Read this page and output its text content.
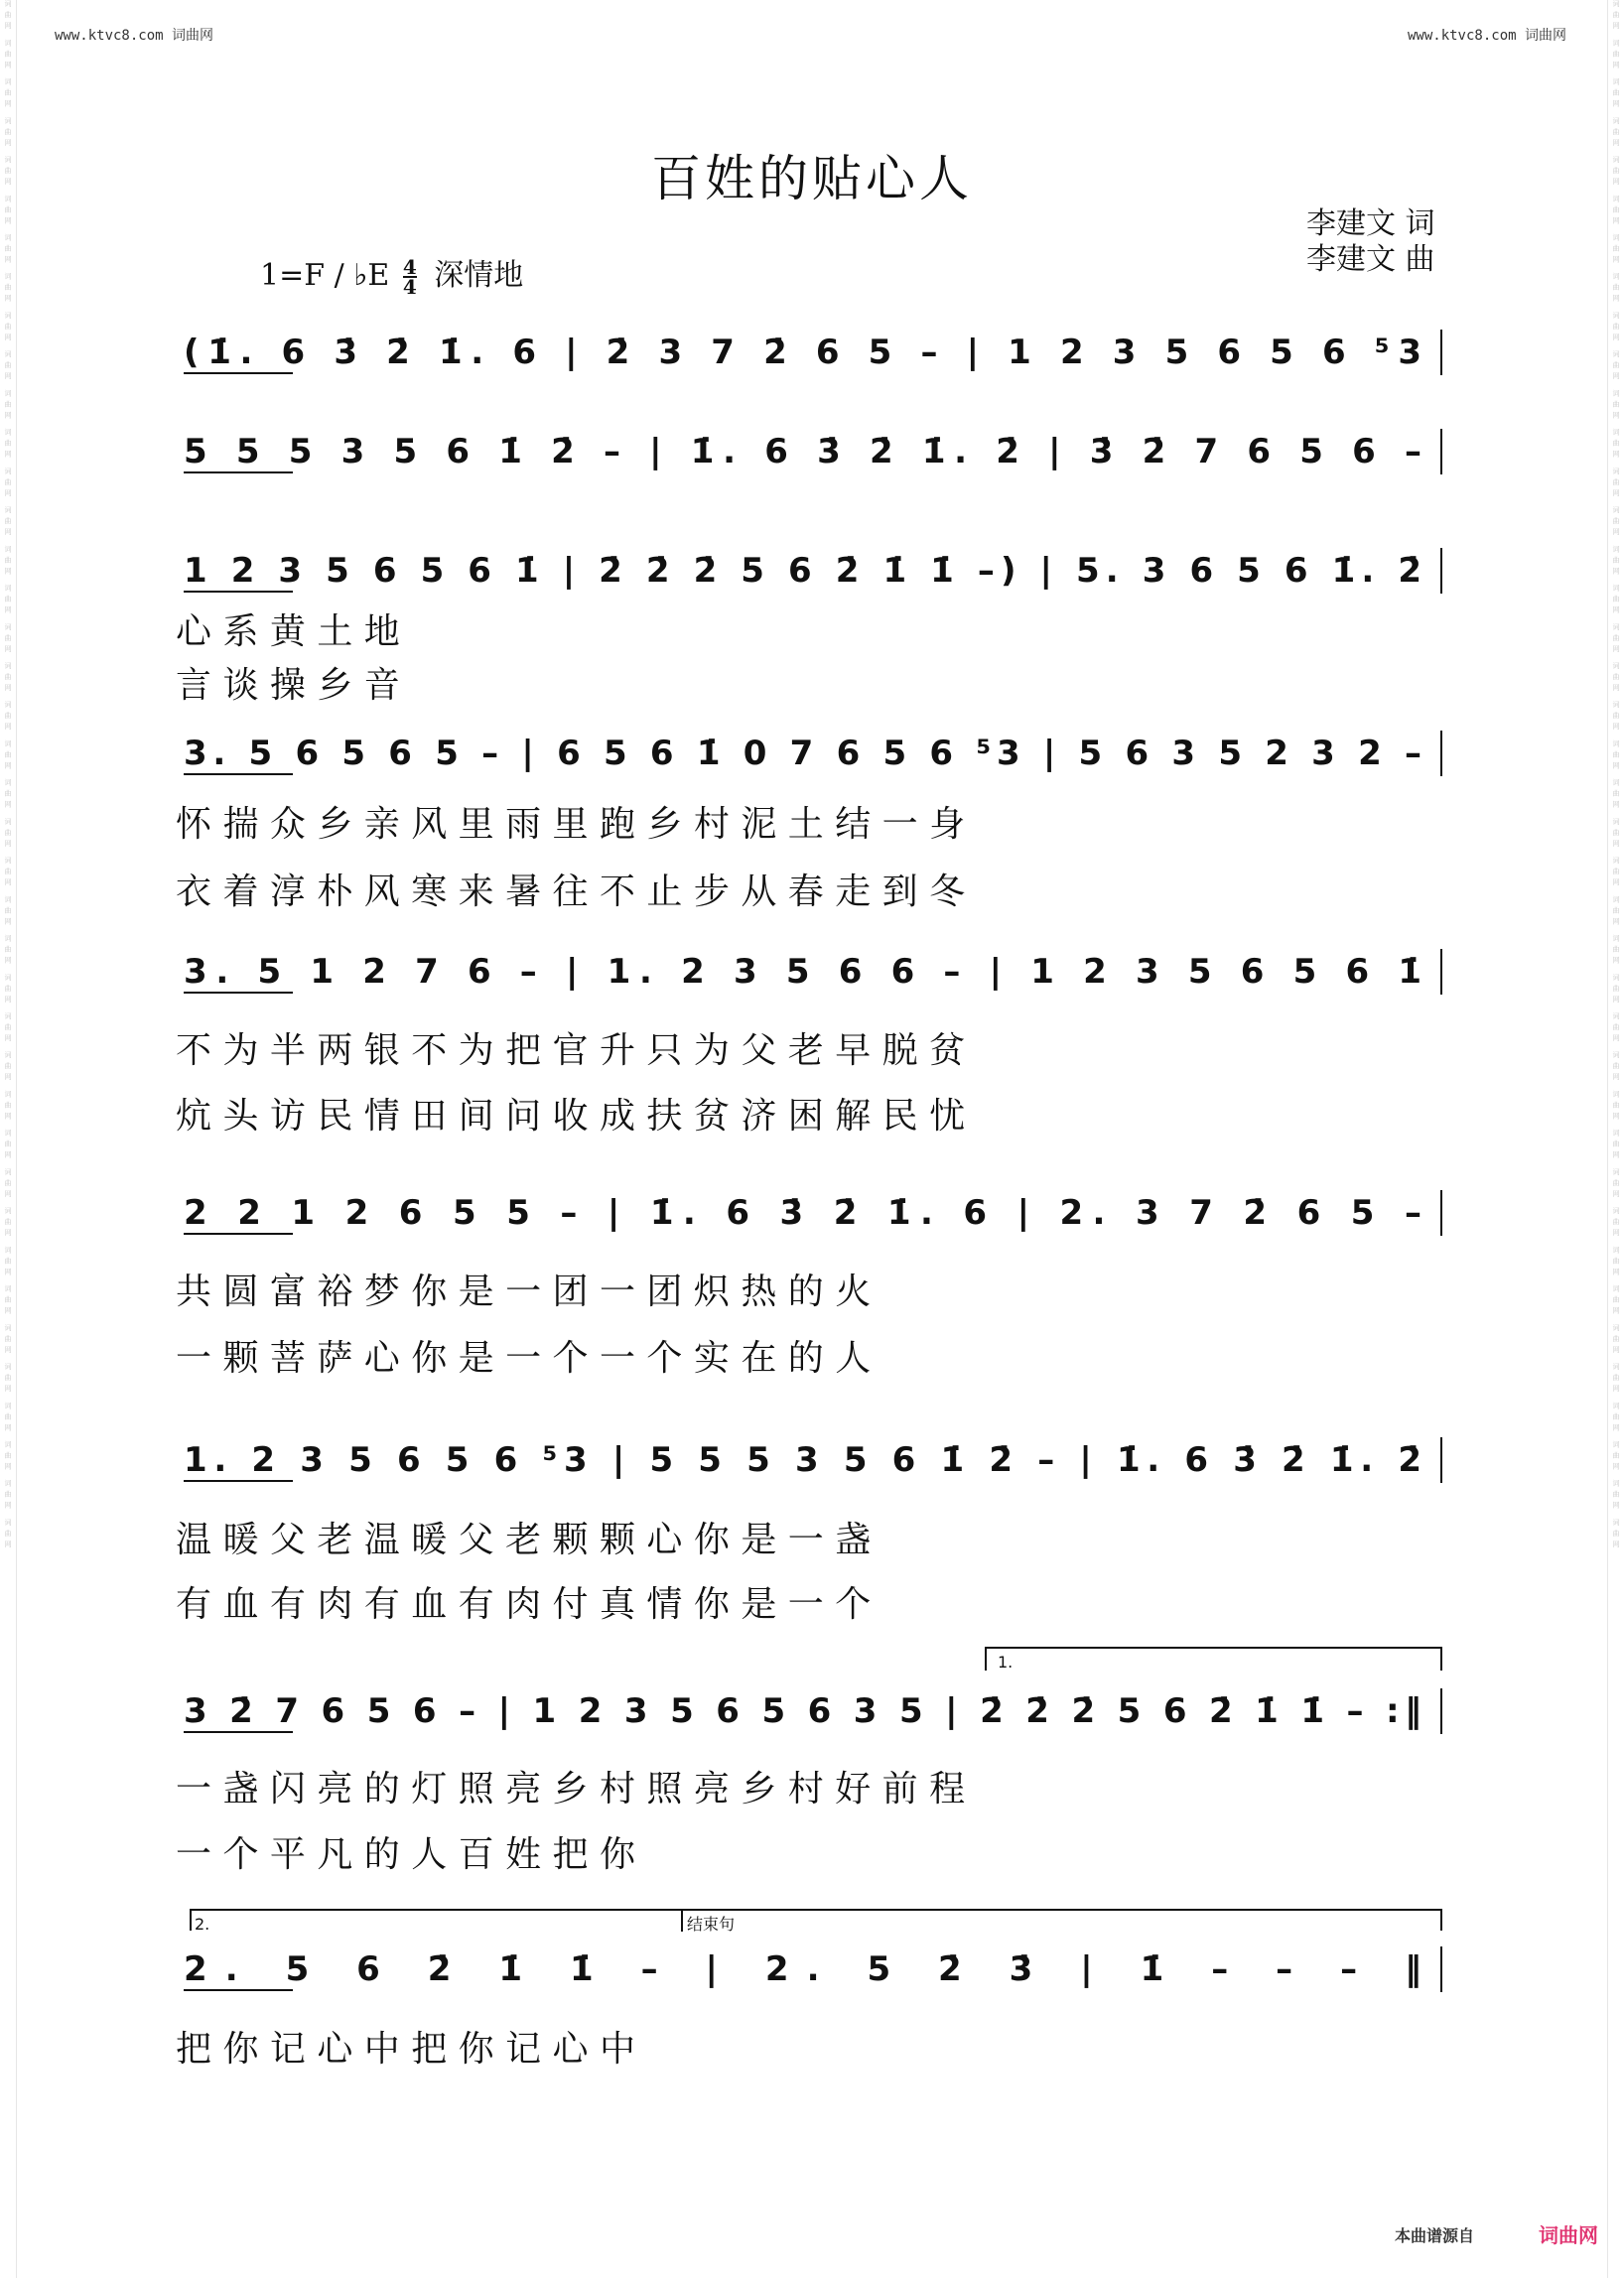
词曲网 词曲网 词曲网 词曲网 词曲网 词曲网 词曲网 词曲网 词曲网 词曲网 词曲网 词曲网 词曲网 词曲网 词曲网 词曲网 词曲网 词曲网 词曲网 词曲网 词曲网 词曲网 词曲网 词曲网 词曲网 词曲网 词曲网 词曲网 词曲网 词曲网 词曲网 词曲网 词曲网 词曲网 词曲网 词曲网 词曲网 词曲网 词曲网 词曲网	词曲网 词曲网 词曲网 词曲网 词曲网 词曲网 词曲网 词曲网 词曲网 词曲网 词曲网 词曲网 词曲网 词曲网 词曲网 词曲网 词曲网 词曲网 词曲网 词曲网 词曲网 词曲网 词曲网 词曲网 词曲网 词曲网 词曲网 词曲网 词曲网 词曲网 词曲网 词曲网 词曲网 词曲网 词曲网 词曲网 词曲网 词曲网 词曲网 词曲网
www.ktvc8.com 词曲网	www.ktvc8.com 词曲网
百姓的贴心人
李建文 词
李建文 曲
1=F / ♭E $\frac{4}{4}$ 深情地
(1̇. 6 3̇ 2̇ 1̇. 6 | 2̇ 3 7 2̇ 6 5 – | 1 2 3 5 6 5 6 ⁵3
5 5 5 3 5 6 1̇ 2̇ – | 1̇. 6 3̇ 2̇ 1̇. 2̇ | 3̇ 2̇ 7 6 5 6 –
1 2 3 5 6 5 6 1̇ | 2̇ 2̇ 2̇ 5 6 2̇ 1̇ 1̇ –) | 5. 3 6 5 6 1̇. 2̇
心 系 黄 土 地
言 谈 操 乡 音
3. 5 6 5 6 5 – | 6 5 6 1̇ 0 7 6 5 6 ⁵3 | 5 6 3 5 2 3 2 –
怀 揣 众 乡 亲 风 里 雨 里 跑 乡 村 泥 土 结 一 身
衣 着 淳 朴 风 寒 来 暑 往 不 止 步 从 春 走 到 冬
3. 5 1 2 7 6 – | 1. 2 3 5 6 6 – | 1 2 3 5 6 5 6 1̇
不 为 半 两 银 不 为 把 官 升 只 为 父 老 早 脱 贫
炕 头 访 民 情 田 间 问 收 成 扶 贫 济 困 解 民 忧
2 2 1 2 6 5 5 – | 1̇. 6 3̇ 2̇ 1̇. 6 | 2. 3 7 2̇ 6 5 –
共 圆 富 裕 梦 你 是 一 团 一 团 炽 热 的 火
一 颗 菩 萨 心 你 是 一 个 一 个 实 在 的 人
1. 2 3 5 6 5 6 ⁵3 | 5 5 5 3 5 6 1̇ 2̇ – | 1̇. 6 3̇ 2̇ 1̇. 2̇
温 暖 父 老 温 暖 父 老 颗 颗 心 你 是 一 盏
有 血 有 肉 有 血 有 肉 付 真 情 你 是 一 个
3 2̇ 7 6 5 6 – | 1 2 3 5 6 5 6 3 5 | 2̇ 2̇ 2̇ 5 6 2̇ 1̇ 1̇ – :‖
一 盏 闪 亮 的 灯 照 亮 乡 村 照 亮 乡 村 好 前 程
一 个 平 凡 的 人 百 姓 把 你
2. 5 6 2̇ 1̇ 1̇ – | 2. 5 2̇ 3̇ | 1̇ – – – ‖
把 你 记 心 中 把 你 记 心 中
1.
2.	结束句
本曲谱源自	词曲网
